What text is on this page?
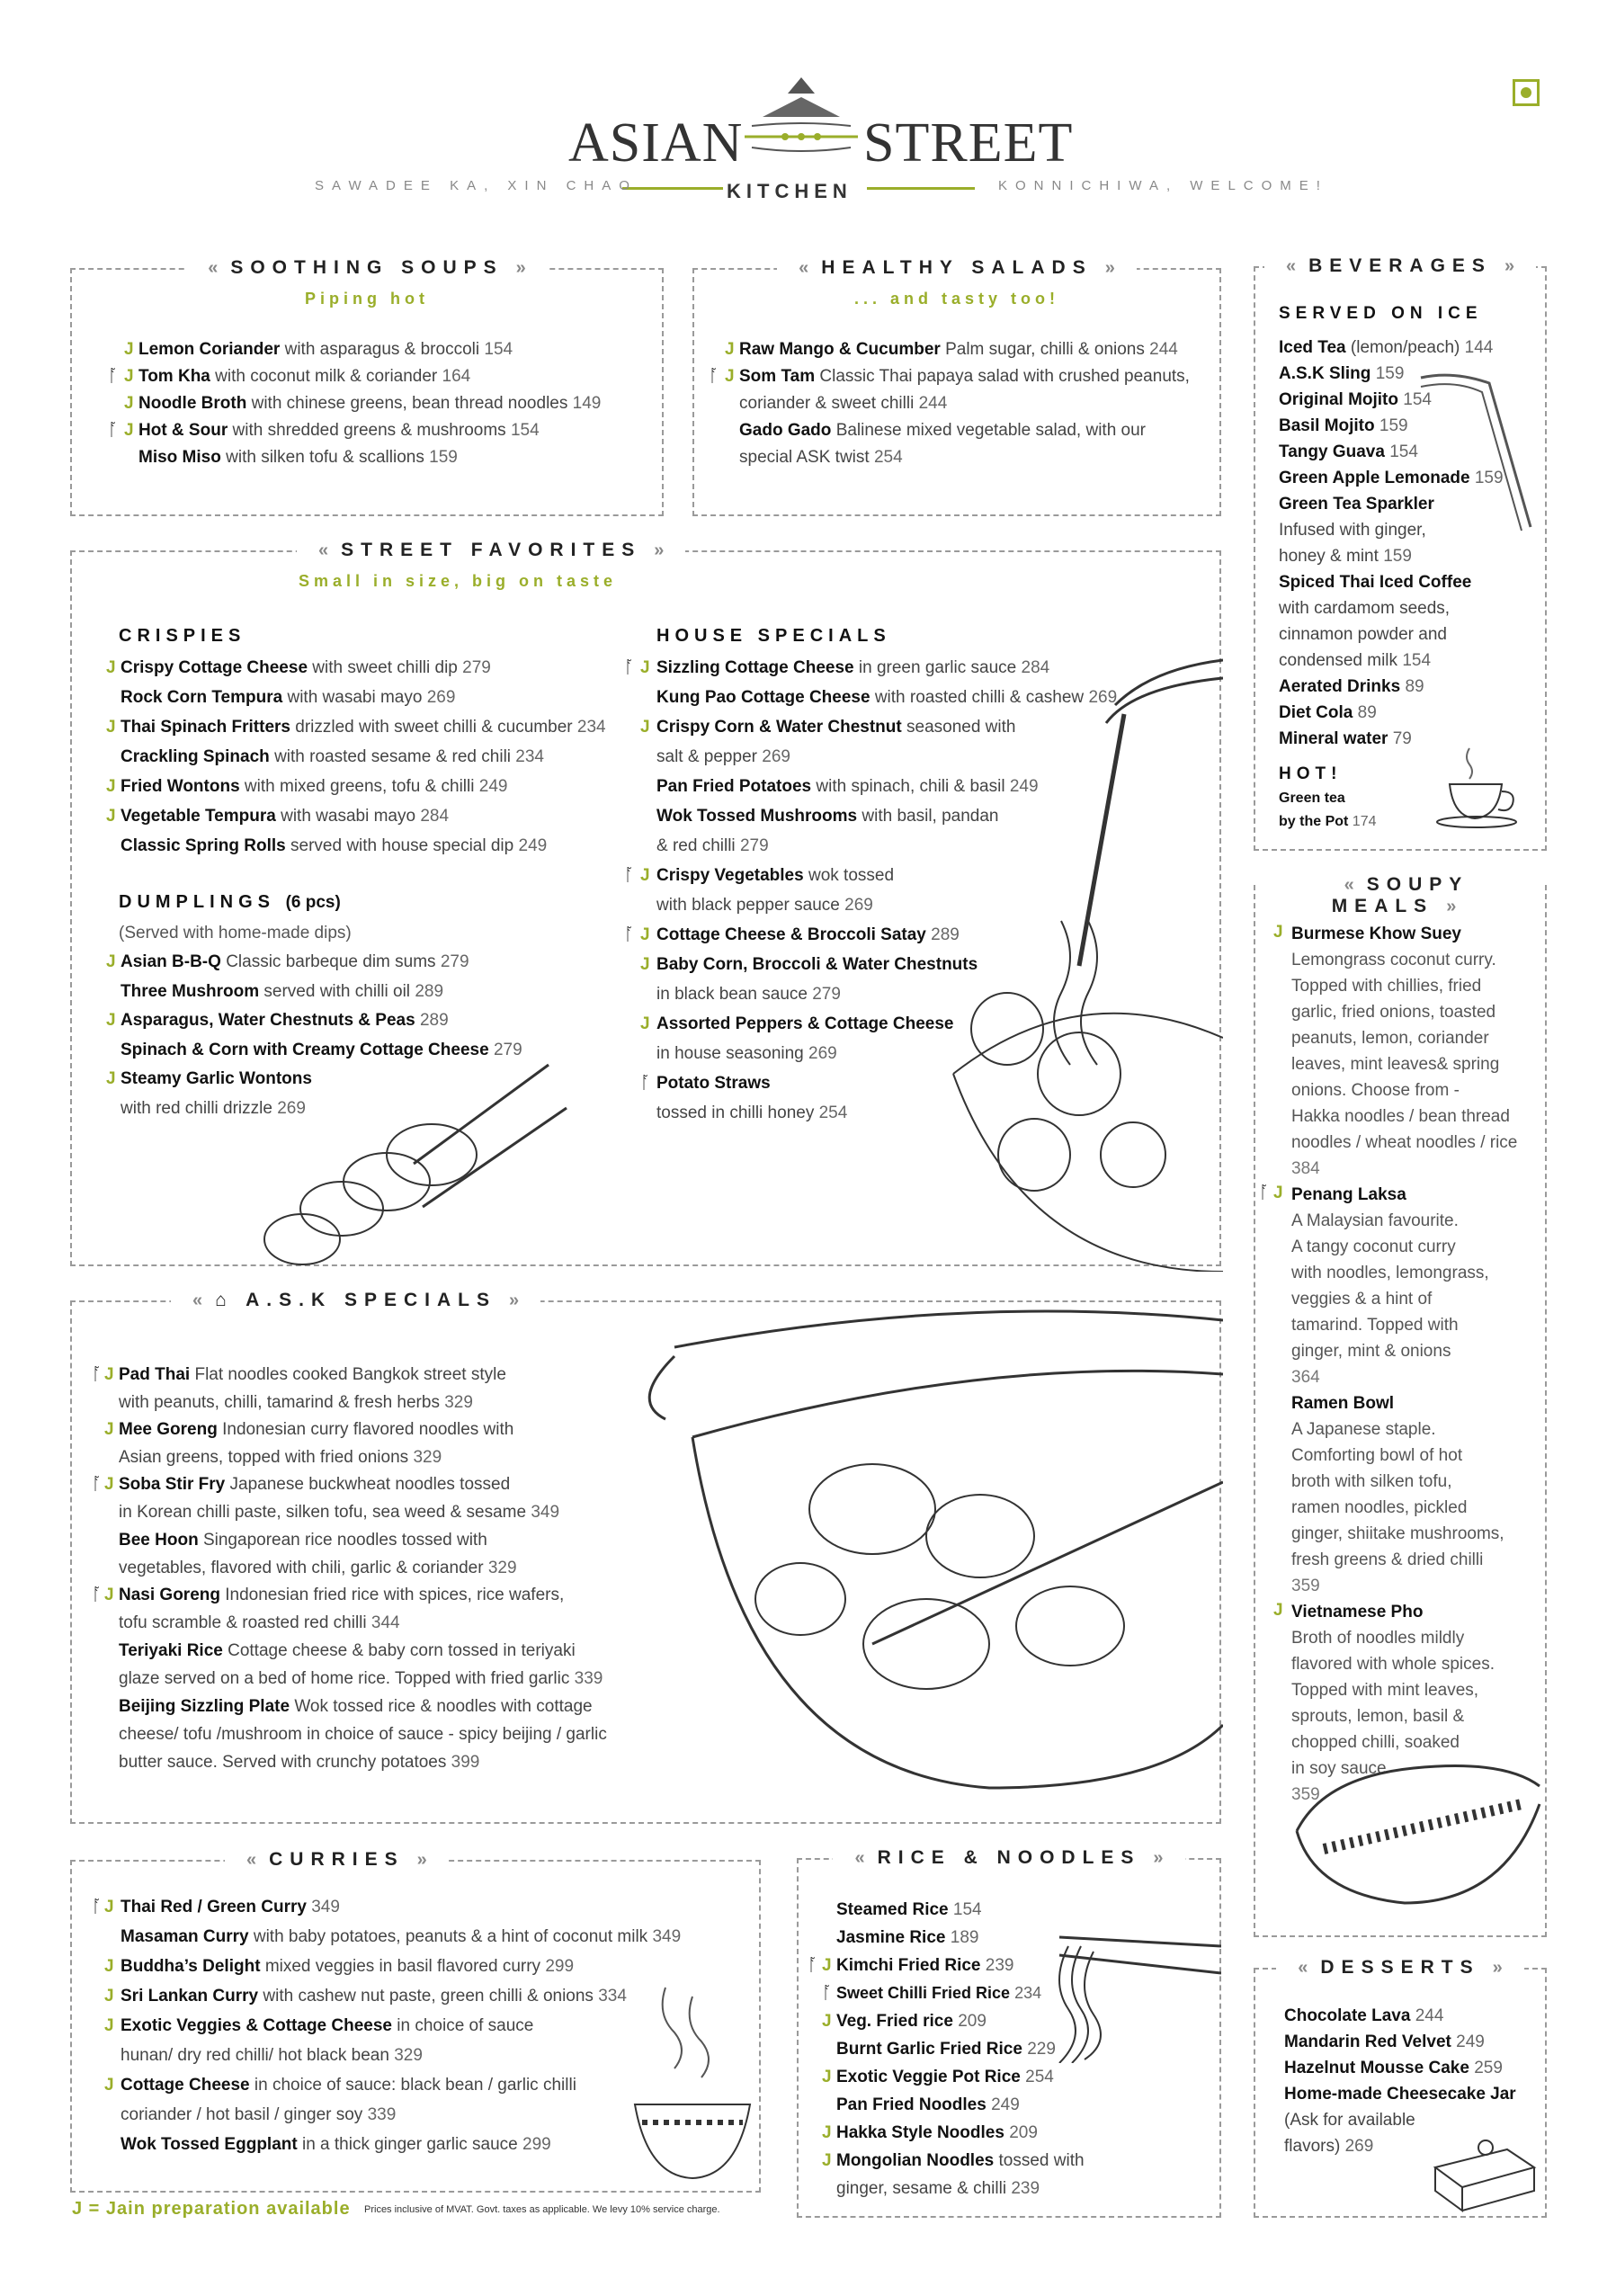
ASIAN STREET
KITCHEN
SAWADEE KA, XIN CHAO	KONNICHIWA, WELCOME!
« SOOTHING SOUPS »
Piping hot
J Lemon Coriander with asparagus & broccoli 154
ᚪ J Tom Kha with coconut milk & coriander 164
J Noodle Broth with chinese greens, bean thread noodles 149
ᚪ J Hot & Sour with shredded greens & mushrooms 154
Miso Miso with silken tofu & scallions 159
« HEALTHY SALADS »
... and tasty too!
J Raw Mango & Cucumber Palm sugar, chilli & onions 244
ᚪ J Som Tam Classic Thai papaya salad with crushed peanuts,
coriander & sweet chilli 244
Gado Gado Balinese mixed vegetable salad, with our
special ASK twist 254
« BEVERAGES »
SERVED ON ICE
Iced Tea (lemon/peach) 144
A.S.K Sling 159
Original Mojito 154
Basil Mojito 159
Tangy Guava 154
Green Apple Lemonade 159
Green Tea Sparkler
Infused with ginger,
honey & mint 159
Spiced Thai Iced Coffee
with cardamom seeds,
cinnamon powder and
condensed milk 154
Aerated Drinks 89
Diet Cola 89
Mineral water 79
HOT!
Green tea
by the Pot 174
« STREET FAVORITES »
Small in size, big on taste
CRISPIES
J Crispy Cottage Cheese with sweet chilli dip 279
Rock Corn Tempura with wasabi mayo 269
J Thai Spinach Fritters drizzled with sweet chilli & cucumber 234
Crackling Spinach with roasted sesame & red chili 234
J Fried Wontons with mixed greens, tofu & chilli 249
J Vegetable Tempura with wasabi mayo 284
Classic Spring Rolls served with house special dip 249
DUMPLINGS (6 pcs)
(Served with home-made dips)
J Asian B-B-Q Classic barbeque dim sums 279
Three Mushroom served with chilli oil 289
J Asparagus, Water Chestnuts & Peas 289
Spinach & Corn with Creamy Cottage Cheese 279
J Steamy Garlic Wontons
with red chilli drizzle 269
HOUSE SPECIALS
ᚪ J Sizzling Cottage Cheese in green garlic sauce 284
Kung Pao Cottage Cheese with roasted chilli & cashew 269
J Crispy Corn & Water Chestnut seasoned with
salt & pepper 269
Pan Fried Potatoes with spinach, chili & basil 249
Wok Tossed Mushrooms with basil, pandan
& red chilli 279
ᚪ J Crispy Vegetables wok tossed
with black pepper sauce 269
ᚪ J Cottage Cheese & Broccoli Satay 289
J Baby Corn, Broccoli & Water Chestnuts
in black bean sauce 279
J Assorted Peppers & Cottage Cheese
in house seasoning 269
ᚪ Potato Straws
tossed in chilli honey 254
« ⌂ A.S.K SPECIALS »
ᚪ J Pad Thai Flat noodles cooked Bangkok street style
with peanuts, chilli, tamarind & fresh herbs 329
J Mee Goreng Indonesian curry flavored noodles with
Asian greens, topped with fried onions 329
ᚪ J Soba Stir Fry Japanese buckwheat noodles tossed
in Korean chilli paste, silken tofu, sea weed & sesame 349
Bee Hoon Singaporean rice noodles tossed with
vegetables, flavored with chili, garlic & coriander 329
ᚪ J Nasi Goreng Indonesian fried rice with spices, rice wafers,
tofu scramble & roasted red chilli 344
Teriyaki Rice Cottage cheese & baby corn tossed in teriyaki
glaze served on a bed of home rice. Topped with fried garlic 339
Beijing Sizzling Plate Wok tossed rice & noodles with cottage
cheese/ tofu /mushroom in choice of sauce - spicy beijing / garlic
butter sauce. Served with crunchy potatoes 399
« SOUPY MEALS »
J Burmese Khow Suey
Lemongrass coconut curry.
Topped with chillies, fried
garlic, fried onions, toasted
peanuts, lemon, coriander
leaves, mint leaves& spring
onions. Choose from -
Hakka noodles / bean thread
noodles / wheat noodles / rice
384
ᚪ J Penang Laksa
A Malaysian favourite.
A tangy coconut curry
with noodles, lemongrass,
veggies & a hint of
tamarind. Topped with
ginger, mint & onions
364
Ramen Bowl
A Japanese staple.
Comforting bowl of hot
broth with silken tofu,
ramen noodles, pickled
ginger, shiitake mushrooms,
fresh greens & dried chilli
359
J Vietnamese Pho
Broth of noodles mildly
flavored with whole spices.
Topped with mint leaves,
sprouts, lemon, basil &
chopped chilli, soaked
in soy sauce
359
« CURRIES »
ᚪ J Thai Red / Green Curry 349
Masaman Curry with baby potatoes, peanuts & a hint of coconut milk 349
J Buddha’s Delight mixed veggies in basil flavored curry 299
J Sri Lankan Curry with cashew nut paste, green chilli & onions 334
J Exotic Veggies & Cottage Cheese in choice of sauce
hunan/ dry red chilli/ hot black bean 329
J Cottage Cheese in choice of sauce: black bean / garlic chilli
coriander / hot basil / ginger soy 339
Wok Tossed Eggplant in a thick ginger garlic sauce 299
« RICE & NOODLES »
Steamed Rice 154
Jasmine Rice 189
ᚪ J Kimchi Fried Rice 239
ᚪ Sweet Chilli Fried Rice 234
J Veg. Fried rice 209
Burnt Garlic Fried Rice 229
J Exotic Veggie Pot Rice 254
Pan Fried Noodles 249
J Hakka Style Noodles 209
J Mongolian Noodles tossed with
ginger, sesame & chilli 239
« DESSERTS »
Chocolate Lava 244
Mandarin Red Velvet 249
Hazelnut Mousse Cake 259
Home-made Cheesecake Jar
(Ask for available
flavors) 269
J = Jain preparation available Prices inclusive of MVAT. Govt. taxes as applicable. We levy 10% service charge.
